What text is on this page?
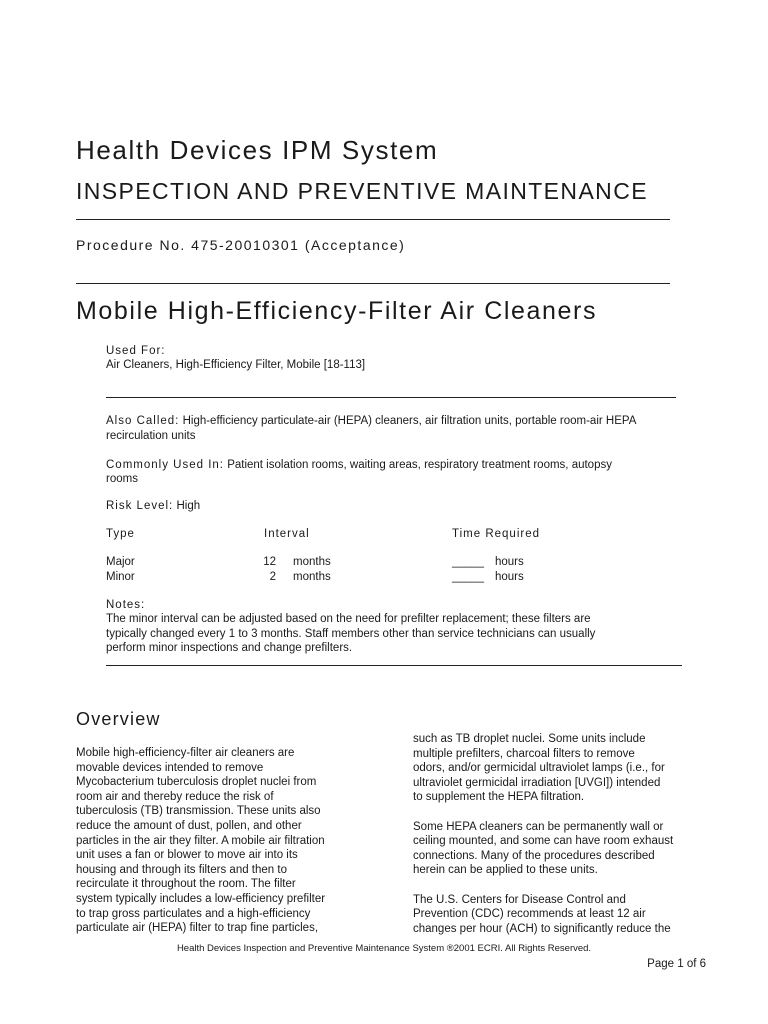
Health Devices IPM System
INSPECTION AND PREVENTIVE MAINTENANCE
Procedure No. 475-20010301 (Acceptance)
Mobile High-Efficiency-Filter Air Cleaners
Used For:
Air Cleaners, High-Efficiency Filter, Mobile [18-113]
Also Called: High-efficiency particulate-air (HEPA) cleaners, air filtration units, portable room-air HEPA
recirculation units
Commonly Used In: Patient isolation rooms, waiting areas, respiratory treatment rooms, autopsy
rooms
Risk Level: High
Type	Interval	Time Required
Major	12 months	_____ hours
Minor	2 months	_____ hours
Notes:
The minor interval can be adjusted based on the need for prefilter replacement; these filters are
typically changed every 1 to 3 months. Staff members other than service technicians can usually
perform minor inspections and change prefilters.
Overview
Mobile high-efficiency-filter air cleaners are
movable devices intended to remove
Mycobacterium tuberculosis droplet nuclei from
room air and thereby reduce the risk of
tuberculosis (TB) transmission. These units also
reduce the amount of dust, pollen, and other
particles in the air they filter. A mobile air filtration
unit uses a fan or blower to move air into its
housing and through its filters and then to
recirculate it throughout the room. The filter
system typically includes a low-efficiency prefilter
to trap gross particulates and a high-efficiency
particulate air (HEPA) filter to trap fine particles,

such as TB droplet nuclei. Some units include
multiple prefilters, charcoal filters to remove
odors, and/or germicidal ultraviolet lamps (i.e., for
ultraviolet germicidal irradiation [UVGI]) intended
to supplement the HEPA filtration.

Some HEPA cleaners can be permanently wall or
ceiling mounted, and some can have room exhaust
connections. Many of the procedures described
herein can be applied to these units.

The U.S. Centers for Disease Control and
Prevention (CDC) recommends at least 12 air
changes per hour (ACH) to significantly reduce the

Health Devices Inspection and Preventive Maintenance System ®2001 ECRI. All Rights Reserved.
Page 1 of 6
